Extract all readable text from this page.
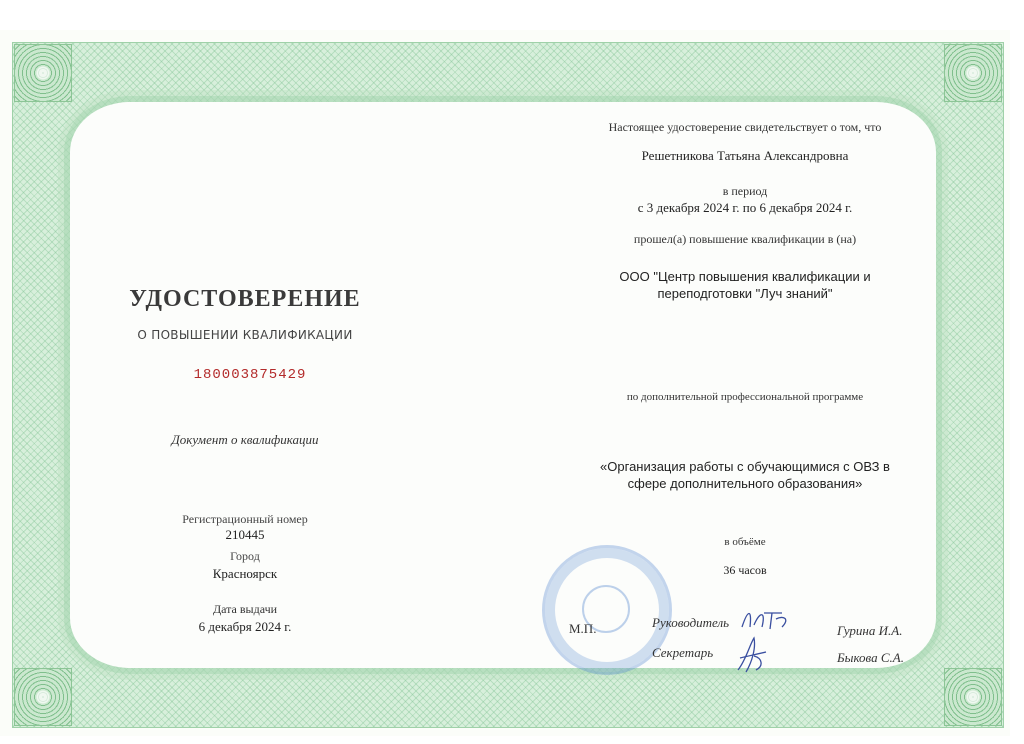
УДОСТОВЕРЕНИЕ
О ПОВЫШЕНИИ КВАЛИФИКАЦИИ
180003875429
Документ о квалификации
Регистрационный номер
210445
Город
Красноярск
Дата выдачи
6 декабря 2024 г.
Настоящее удостоверение свидетельствует о том, что
Решетникова Татьяна Александровна
в период
с 3 декабря 2024 г. по 6 декабря 2024 г.
прошел(а) повышение квалификации в (на)
ООО "Центр повышения квалификации и
переподготовки "Луч знаний"
по дополнительной профессиональной программе
«Организация работы с обучающимися с ОВЗ в
сфере дополнительного образования»
в объёме
36 часов
М.П.	Руководитель
Секретарь
Гурина И.А.
Быкова С.А.
